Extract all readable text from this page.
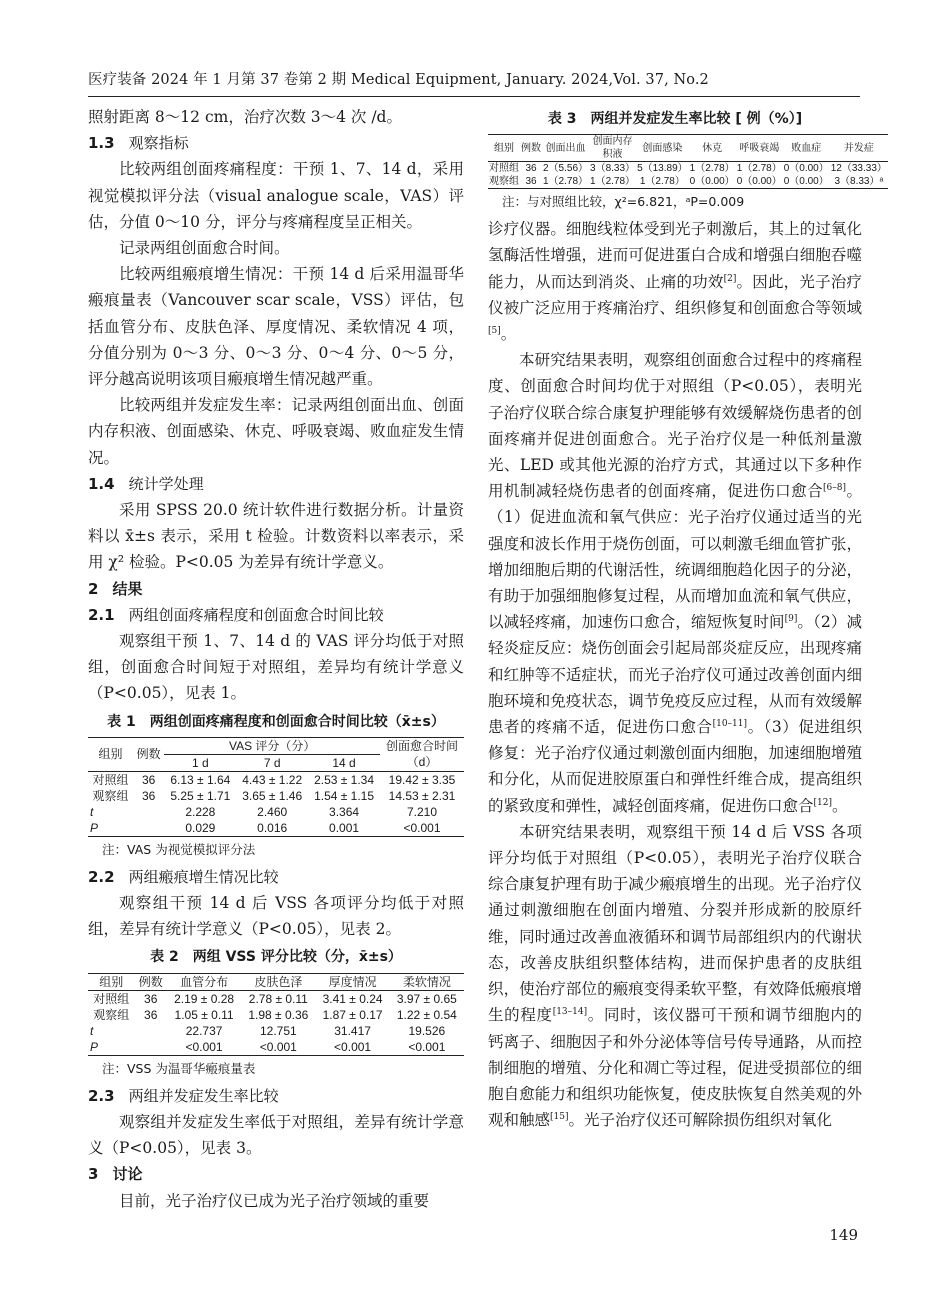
医疗装备 2024 年 1 月第 37 卷第 2 期 Medical Equipment, January. 2024,Vol. 37, No.2

照射距离 8～12 cm，治疗次数 3～4 次 /d。

1.3 观察指标

比较两组创面疼痛程度：干预 1、7、14 d，采用视觉模拟评分法（visual analogue scale，VAS）评估，分值 0～10 分，评分与疼痛程度呈正相关。

记录两组创面愈合时间。

比较两组瘢痕增生情况：干预 14 d 后采用温哥华瘢痕量表（Vancouver scar scale，VSS）评估，包括血管分布、皮肤色泽、厚度情况、柔软情况 4 项，分值分别为 0～3 分、0～3 分、0～4 分、0～5 分，评分越高说明该项目瘢痕增生情况越严重。

比较两组并发症发生率：记录两组创面出血、创面内存积液、创面感染、休克、呼吸衰竭、败血症发生情况。

1.4 统计学处理

采用 SPSS 20.0 统计软件进行数据分析。计量资料以 x̄±s 表示，采用 t 检验。计数资料以率表示，采用 χ² 检验。P<0.05 为差异有统计学意义。

2 结果

2.1 两组创面疼痛程度和创面愈合时间比较

观察组干预 1、7、14 d 的 VAS 评分均低于对照组，创面愈合时间短于对照组，差异均有统计学意义（P<0.05），见表 1。

表 1　两组创面疼痛程度和创面愈合时间比较（x̄±s）
组别	例数	VAS 评分（分）			创面愈合时间（d）
		1 d	7 d	14 d	
对照组	36	6.13 ± 1.64	4.43 ± 1.22	2.53 ± 1.34	19.42 ± 3.35
观察组	36	5.25 ± 1.71	3.65 ± 1.46	1.54 ± 1.15	14.53 ± 2.31
t		2.228	2.460	3.364	7.210
P		0.029	0.016	0.001	<0.001
注：VAS 为视觉模拟评分法

2.2 两组瘢痕增生情况比较

观察组干预 14 d 后 VSS 各项评分均低于对照组，差异有统计学意义（P<0.05），见表 2。

表 2　两组 VSS 评分比较（分，x̄±s）
组别	例数	血管分布	皮肤色泽	厚度情况	柔软情况
对照组	36	2.19 ± 0.28	2.78 ± 0.11	3.41 ± 0.24	3.97 ± 0.65
观察组	36	1.05 ± 0.11	1.98 ± 0.36	1.87 ± 0.17	1.22 ± 0.54
t		22.737	12.751	31.417	19.526
P		<0.001	<0.001	<0.001	<0.001
注：VSS 为温哥华瘢痕量表

2.3 两组并发症发生率比较

观察组并发症发生率低于对照组，差异有统计学意义（P<0.05），见表 3。

3 讨论

目前，光子治疗仪已成为光子治疗领域的重要

表 3　两组并发症发生率比较 [ 例（%）]
组别	例数	创面出血	创面内存积液	创面感染	休克	呼吸衰竭	败血症	并发症
对照组	36	2（5.56）	3（8.33）	5（13.89）	1（2.78）	1（2.78）	0（0.00）	12（33.33）
观察组	36	1（2.78）	1（2.78）	1（2.78）	0（0.00）	0（0.00）	0（0.00）	3（8.33）ᵃ
注：与对照组比较，χ²=6.821，ᵃP=0.009

诊疗仪器。细胞线粒体受到光子刺激后，其上的过氧化氢酶活性增强，进而可促进蛋白合成和增强白细胞吞噬能力，从而达到消炎、止痛的功效[2]。因此，光子治疗仪被广泛应用于疼痛治疗、组织修复和创面愈合等领域[5]。

本研究结果表明，观察组创面愈合过程中的疼痛程度、创面愈合时间均优于对照组（P<0.05），表明光子治疗仪联合综合康复护理能够有效缓解烧伤患者的创面疼痛并促进创面愈合。光子治疗仪是一种低剂量激光、LED 或其他光源的治疗方式，其通过以下多种作用机制减轻烧伤患者的创面疼痛，促进伤口愈合[6–8]。（1）促进血流和氧气供应：光子治疗仪通过适当的光强度和波长作用于烧伤创面，可以刺激毛细血管扩张，增加细胞后期的代谢活性，统调细胞趋化因子的分泌，有助于加强细胞修复过程，从而增加血流和氧气供应，以减轻疼痛，加速伤口愈合，缩短恢复时间[9]。（2）减轻炎症反应：烧伤创面会引起局部炎症反应，出现疼痛和红肿等不适症状，而光子治疗仪可通过改善创面内细胞环境和免疫状态，调节免疫反应过程，从而有效缓解患者的疼痛不适，促进伤口愈合[10–11]。（3）促进组织修复：光子治疗仪通过刺激创面内细胞，加速细胞增殖和分化，从而促进胶原蛋白和弹性纤维合成，提高组织的紧致度和弹性，减轻创面疼痛，促进伤口愈合[12]。

本研究结果表明，观察组干预 14 d 后 VSS 各项评分均低于对照组（P<0.05），表明光子治疗仪联合综合康复护理有助于减少瘢痕增生的出现。光子治疗仪通过刺激细胞在创面内增殖、分裂并形成新的胶原纤维，同时通过改善血液循环和调节局部组织内的代谢状态，改善皮肤组织整体结构，进而保护患者的皮肤组织，使治疗部位的瘢痕变得柔软平整，有效降低瘢痕增生的程度[13–14]。同时，该仪器可干预和调节细胞内的钙离子、细胞因子和外分泌体等信号传导通路，从而控制细胞的增殖、分化和凋亡等过程，促进受损部位的细胞自愈能力和组织功能恢复，使皮肤恢复自然美观的外观和触感[15]。光子治疗仪还可解除损伤组织对氧化

149
